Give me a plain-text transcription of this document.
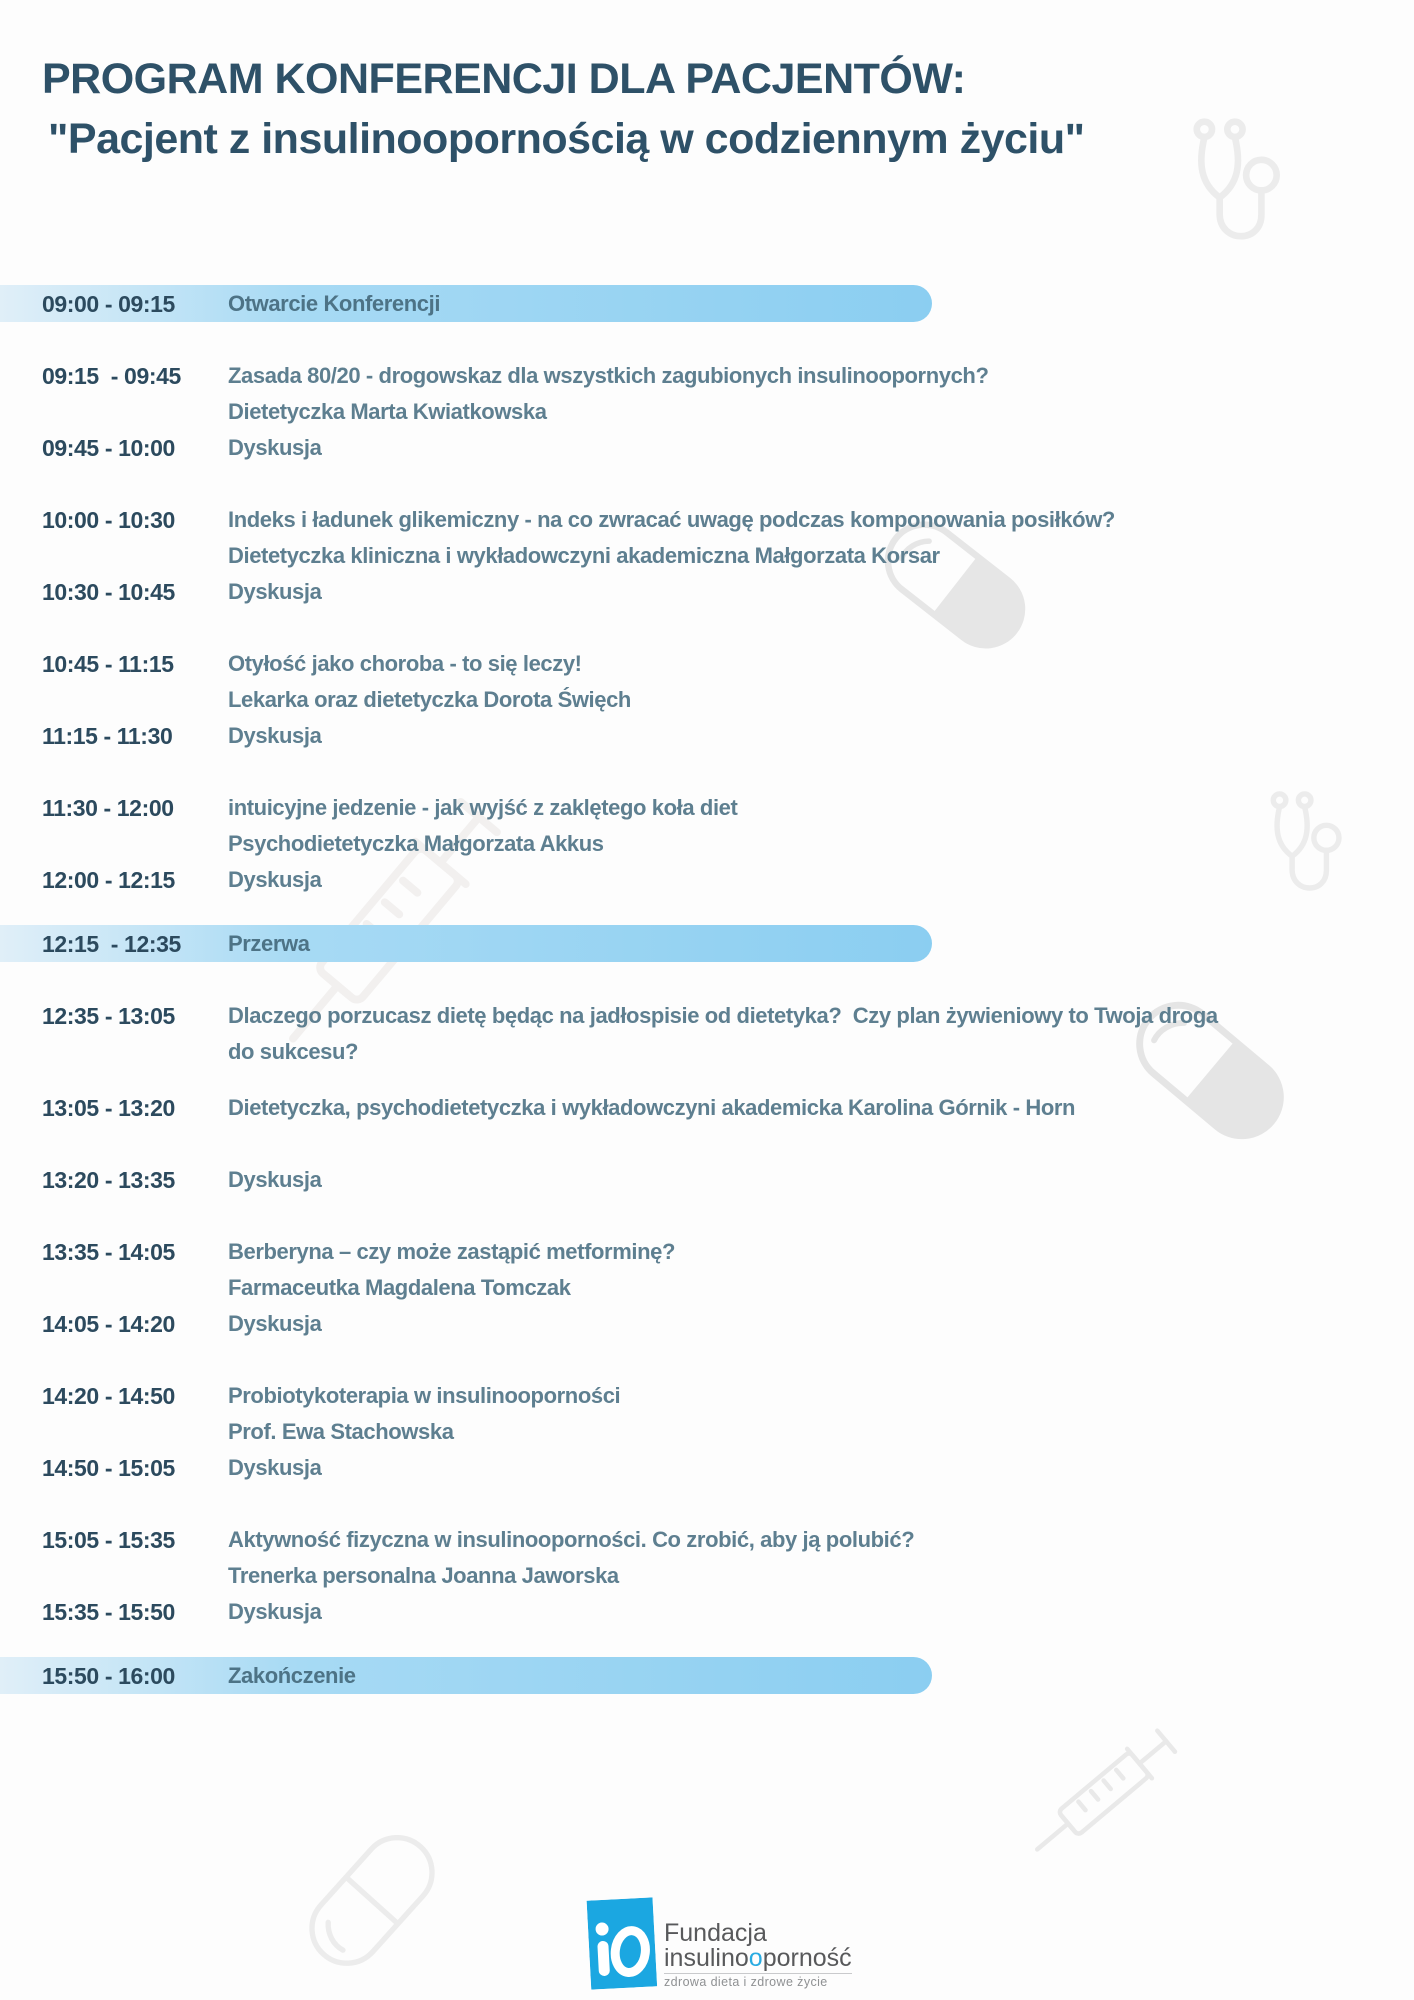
PROGRAM KONFERENCJI DLA PACJENTÓW:
"Pacjent z insulinoopornością w codziennym życiu"
09:00 - 09:15	Otwarcie Konferencji
09:15  - 09:45	Zasada 80/20 - drogowskaz dla wszystkich zagubionych insulinoopornych?
Dietetyczka Marta Kwiatkowska
09:45 - 10:00	Dyskusja
10:00 - 10:30	Indeks i ładunek glikemiczny - na co zwracać uwagę podczas komponowania posiłków?
Dietetyczka kliniczna i wykładowczyni akademiczna Małgorzata Korsar
10:30 - 10:45	Dyskusja
10:45 - 11:15	Otyłość jako choroba - to się leczy!
Lekarka oraz dietetyczka Dorota Święch
11:15 - 11:30	Dyskusja
11:30 - 12:00	intuicyjne jedzenie - jak wyjść z zaklętego koła diet
Psychodietetyczka Małgorzata Akkus
12:00 - 12:15	Dyskusja
12:15  - 12:35	Przerwa
12:35 - 13:05	Dlaczego porzucasz dietę będąc na jadłospisie od dietetyka?  Czy plan żywieniowy to Twoja droga
do sukcesu?
13:05 - 13:20	Dietetyczka, psychodietetyczka i wykładowczyni akademicka Karolina Górnik - Horn
13:20 - 13:35	Dyskusja
13:35 - 14:05	Berberyna – czy może zastąpić metforminę?
Farmaceutka Magdalena Tomczak
14:05 - 14:20	Dyskusja
14:20 - 14:50	Probiotykoterapia w insulinooporności
Prof. Ewa Stachowska
14:50 - 15:05	Dyskusja
15:05 - 15:35	Aktywność fizyczna w insulinooporności. Co zrobić, aby ją polubić?
Trenerka personalna Joanna Jaworska
15:35 - 15:50	Dyskusja
15:50 - 16:00	Zakończenie
Fundacja
insulinooporność
zdrowa dieta i zdrowe życie
